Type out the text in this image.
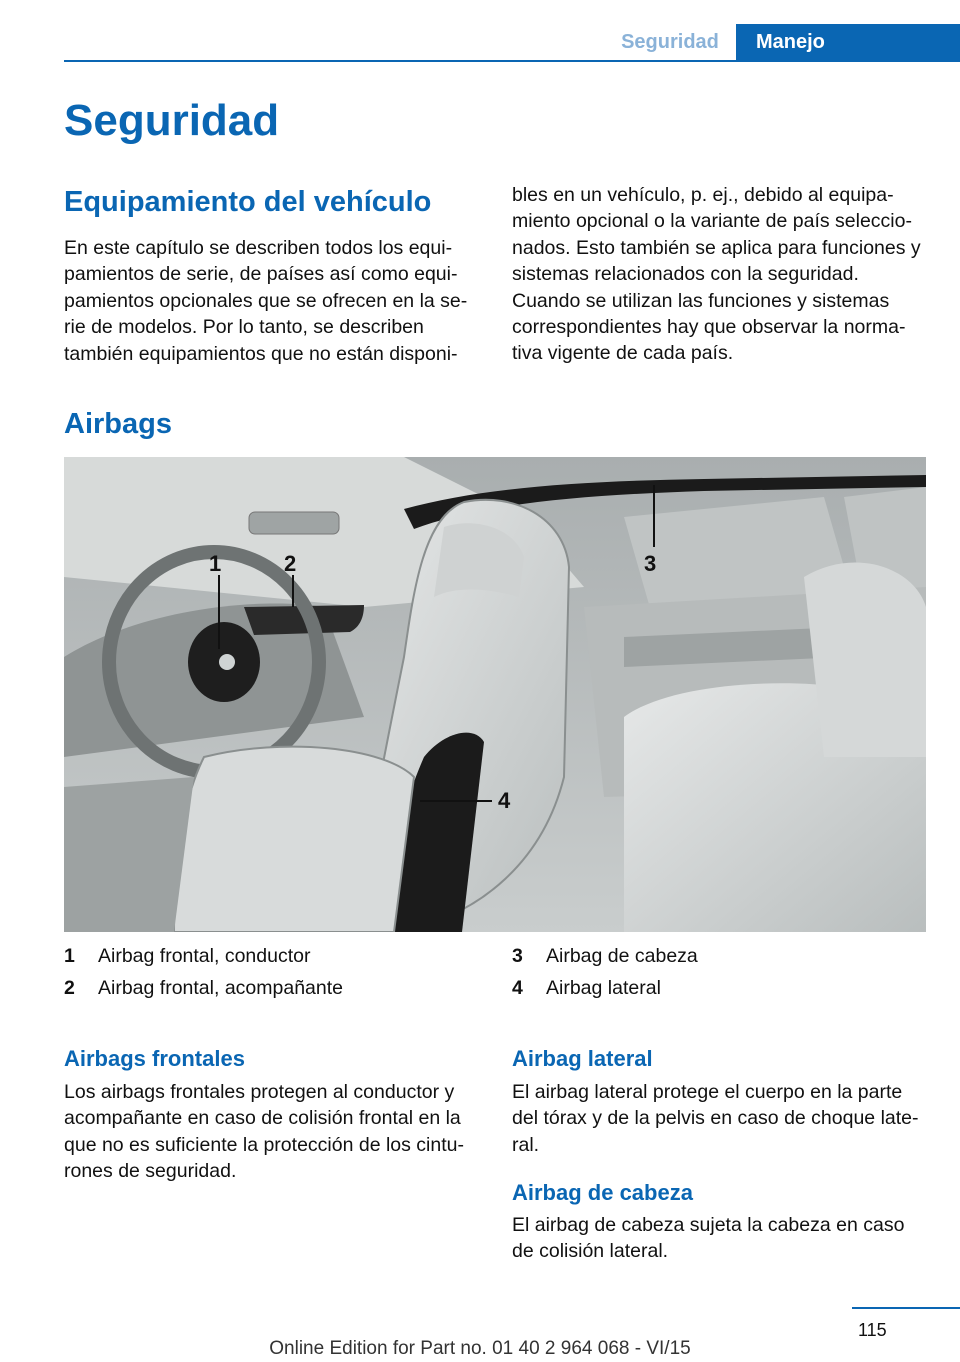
Seguridad	Manejo
Seguridad
Equipamiento del vehículo

En este capítulo se describen todos los equi-
pamientos de serie, de países así como equi-
pamientos opcionales que se ofrecen en la se-
rie de modelos. Por lo tanto, se describen
también equipamientos que no están disponi-

bles en un vehículo, p. ej., debido al equipa-
miento opcional o la variante de país seleccio-
nados. Esto también se aplica para funciones y
sistemas relacionados con la seguridad.
Cuando se utilizan las funciones y sistemas
correspondientes hay que observar la norma-
tiva vigente de cada país.

Airbags
1	2	3
4
1 Airbag frontal, conductor
2 Airbag frontal, acompañante
3 Airbag de cabeza
4 Airbag lateral
Airbags frontales

Los airbags frontales protegen al conductor y
acompañante en caso de colisión frontal en la
que no es suficiente la protección de los cintu-
rones de seguridad.

Airbag lateral

El airbag lateral protege el cuerpo en la parte
del tórax y de la pelvis en caso de choque late-
ral.

Airbag de cabeza

El airbag de cabeza sujeta la cabeza en caso
de colisión lateral.

115
Online Edition for Part no. 01 40 2 964 068 - VI/15
